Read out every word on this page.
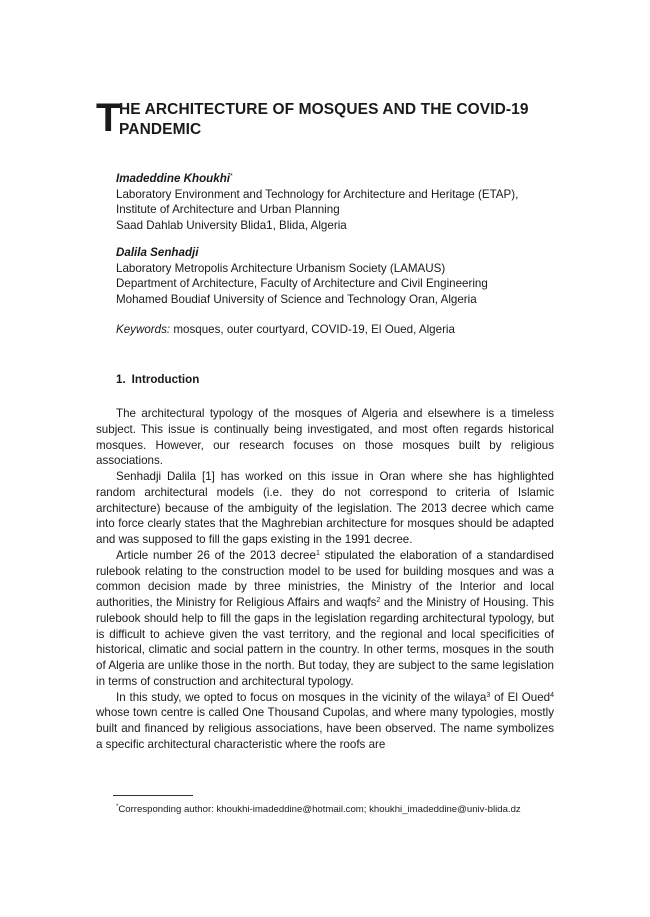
T
HE ARCHITECTURE OF MOSQUES AND THE COVID-19 PANDEMIC
Imadeddine Khoukhi*
Laboratory Environment and Technology for Architecture and Heritage (ETAP),
Institute of Architecture and Urban Planning
Saad Dahlab University Blida1, Blida, Algeria
Dalila Senhadji
Laboratory Metropolis Architecture Urbanism Society (LAMAUS)
Department of Architecture, Faculty of Architecture and Civil Engineering
Mohamed Boudiaf University of Science and Technology Oran, Algeria
Keywords: mosques, outer courtyard, COVID-19, El Oued, Algeria
1. Introduction

The architectural typology of the mosques of Algeria and elsewhere is a timeless subject. This issue is continually being investigated, and most often regards historical mosques. However, our research focuses on those mosques built by religious associations.

Senhadji Dalila [1] has worked on this issue in Oran where she has highlighted random architectural models (i.e. they do not correspond to criteria of Islamic architecture) because of the ambiguity of the legislation. The 2013 decree which came into force clearly states that the Maghrebian architecture for mosques should be adapted and was supposed to fill the gaps existing in the 1991 decree.

Article number 26 of the 2013 decree$^1$ stipulated the elaboration of a standardised rulebook relating to the construction model to be used for building mosques and was a common decision made by three ministries, the Ministry of the Interior and local authorities, the Ministry for Religious Affairs and waqfs$^2$ and the Ministry of Housing. This rulebook should help to fill the gaps in the legislation regarding architectural typology, but is difficult to achieve given the vast territory, and the regional and local specificities of historical, climatic and social pattern in the country. In other terms, mosques in the south of Algeria are unlike those in the north. But today, they are subject to the same legislation in terms of construction and architectural typology.

In this study, we opted to focus on mosques in the vicinity of the wilaya$^3$ of El Oued$^4$ whose town centre is called One Thousand Cupolas, and where many typologies, mostly built and financed by religious associations, have been observed. The name symbolizes a specific architectural characteristic where the roofs are

*Corresponding author: khoukhi-imadeddine@hotmail.com; khoukhi_imadeddine@univ-blida.dz
